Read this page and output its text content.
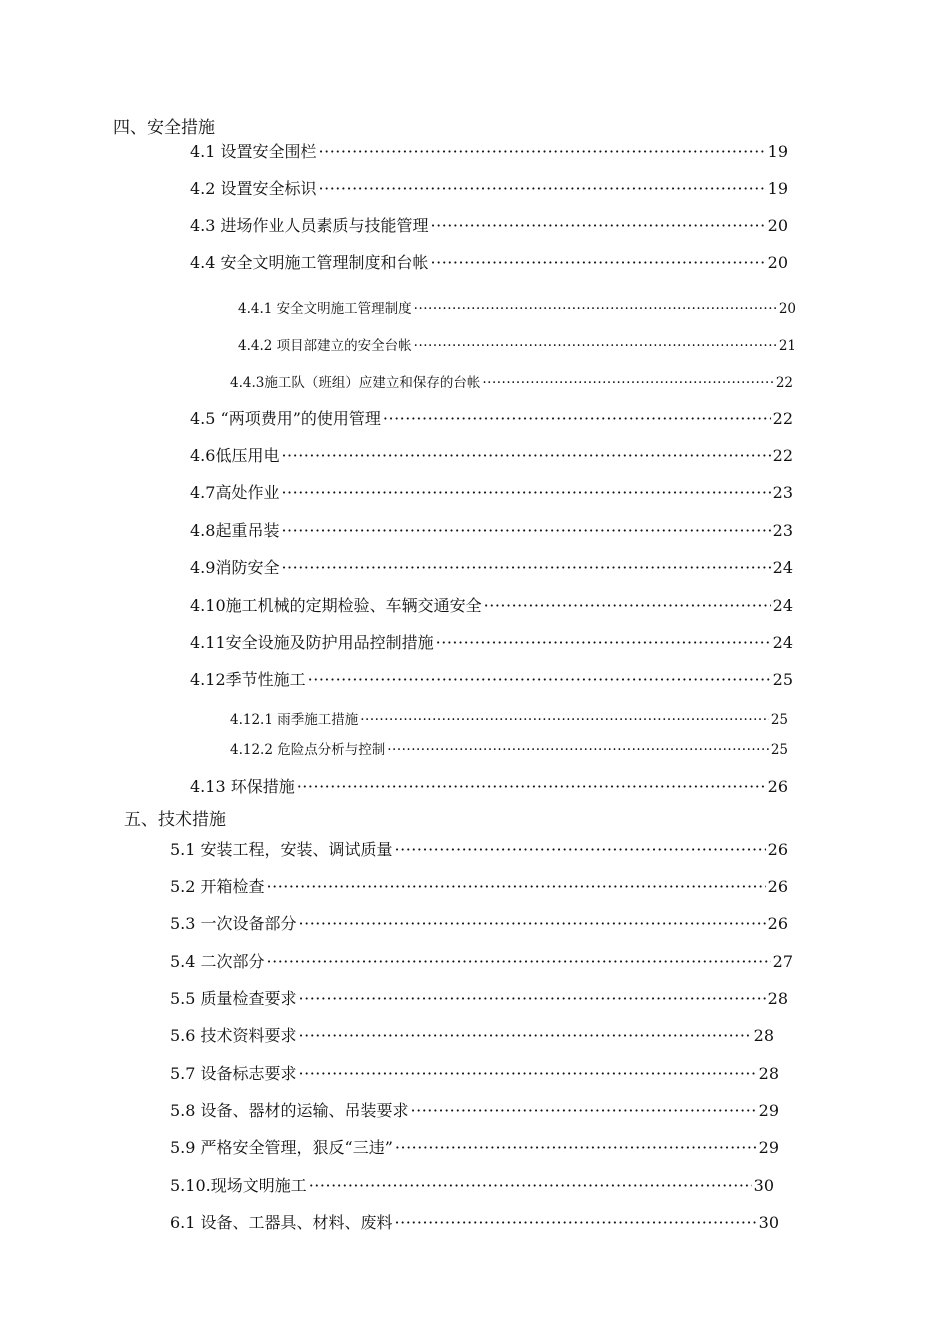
四、安全措施
4.1 设置安全围栏 ·····	19
4.2 设置安全标识 ·····	19
4.3 进场作业人员素质与技能管理 ·····	20
4.4 安全文明施工管理制度和台帐 ·····	20
4.4.1 安全文明施工管理制度 ·····	20
4.4.2 项目部建立的安全台帐 ·····	21
4.4.3施工队（班组）应建立和保存的台帐 ·····	22
4.5 “两项费用”的使用管理 ·····	22
4.6低压用电 ·····	22
4.7高处作业 ·····	23
4.8起重吊装 ·····	23
4.9消防安全 ·····	24
4.10施工机械的定期检验、车辆交通安全 ·····	24
4.11安全设施及防护用品控制措施 ·····	24
4.12季节性施工 ·····	25
4.12.1 雨季施工措施 ·····	25
4.12.2 危险点分析与控制 ·····	25
4.13 环保措施 ·····	26
五、技术措施
5.1 安装工程，安装、调试质量 ·····	26
5.2 开箱检查 ·····	26
5.3 一次设备部分 ·····	26
5.4 二次部分 ·····	27
5.5 质量检查要求 ·····	28
5.6 技术资料要求 ·····	28
5.7 设备标志要求 ·····	28
5.8 设备、器材的运输、吊装要求 ·····	29
5.9 严格安全管理，狠反“三违” ·····	29
5.10.现场文明施工 ·····	30
6.1 设备、工器具、材料、废料 ·····	30
